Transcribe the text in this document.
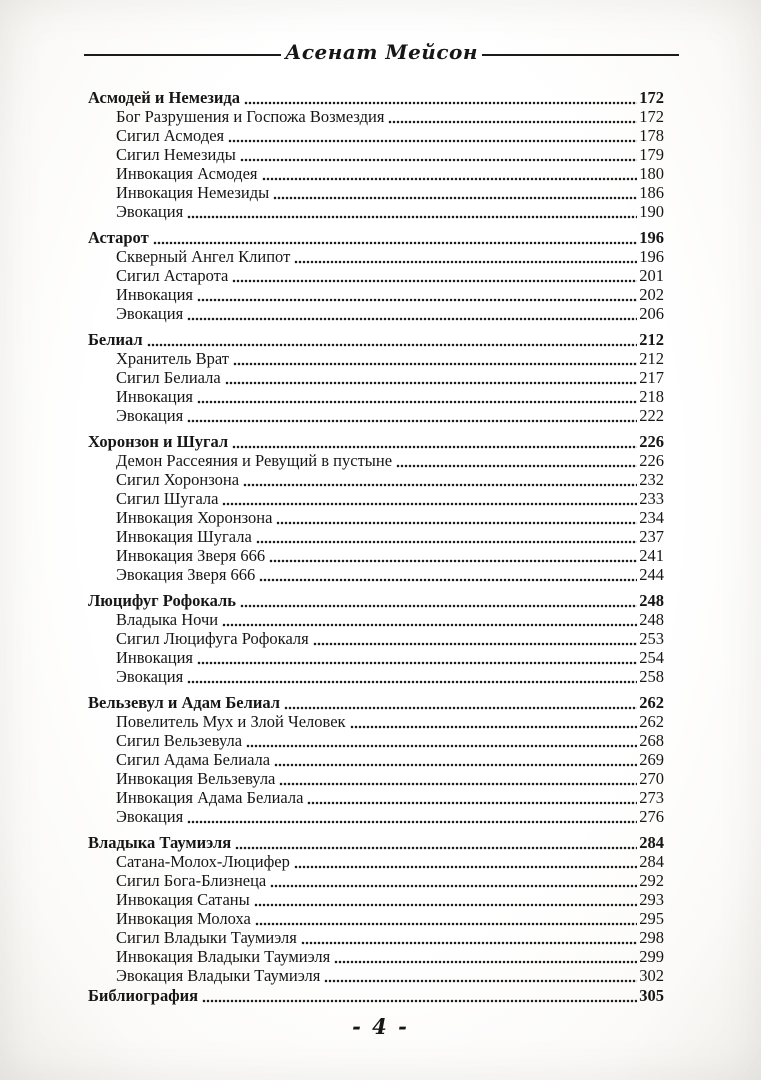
Асенат Мейсон
Асмодей и Немезида	172
Бог Разрушения и Госпожа Возмездия	172
Сигил Асмодея	178
Сигил Немезиды	179
Инвокация Асмодея	180
Инвокация Немезиды	186
Эвокация	190
Астарот	196
Скверный Ангел Клипот	196
Сигил Астарота	201
Инвокация	202
Эвокация	206
Белиал	212
Хранитель Врат	212
Сигил Белиала	217
Инвокация	218
Эвокация	222
Хоронзон и Шугал	226
Демон Рассеяния и Ревущий в пустыне	226
Сигил Хоронзона	232
Сигил Шугала	233
Инвокация Хоронзона	234
Инвокация Шугала	237
Инвокация Зверя 666	241
Эвокация Зверя 666	244
Люцифуг Рофокаль	248
Владыка Ночи	248
Сигил Люцифуга Рофокаля	253
Инвокация	254
Эвокация	258
Вельзевул и Адам Белиал	262
Повелитель Мух и Злой Человек	262
Сигил Вельзевула	268
Сигил Адама Белиала	269
Инвокация Вельзевула	270
Инвокация Адама Белиала	273
Эвокация	276
Владыка Таумиэля	284
Сатана-Молох-Люцифер	284
Сигил Бога-Близнеца	292
Инвокация Сатаны	293
Инвокация Молоха	295
Сигил Владыки Таумиэля	298
Инвокация Владыки Таумиэля	299
Эвокация Владыки Таумиэля	302
Библиография	305
- 4 -
